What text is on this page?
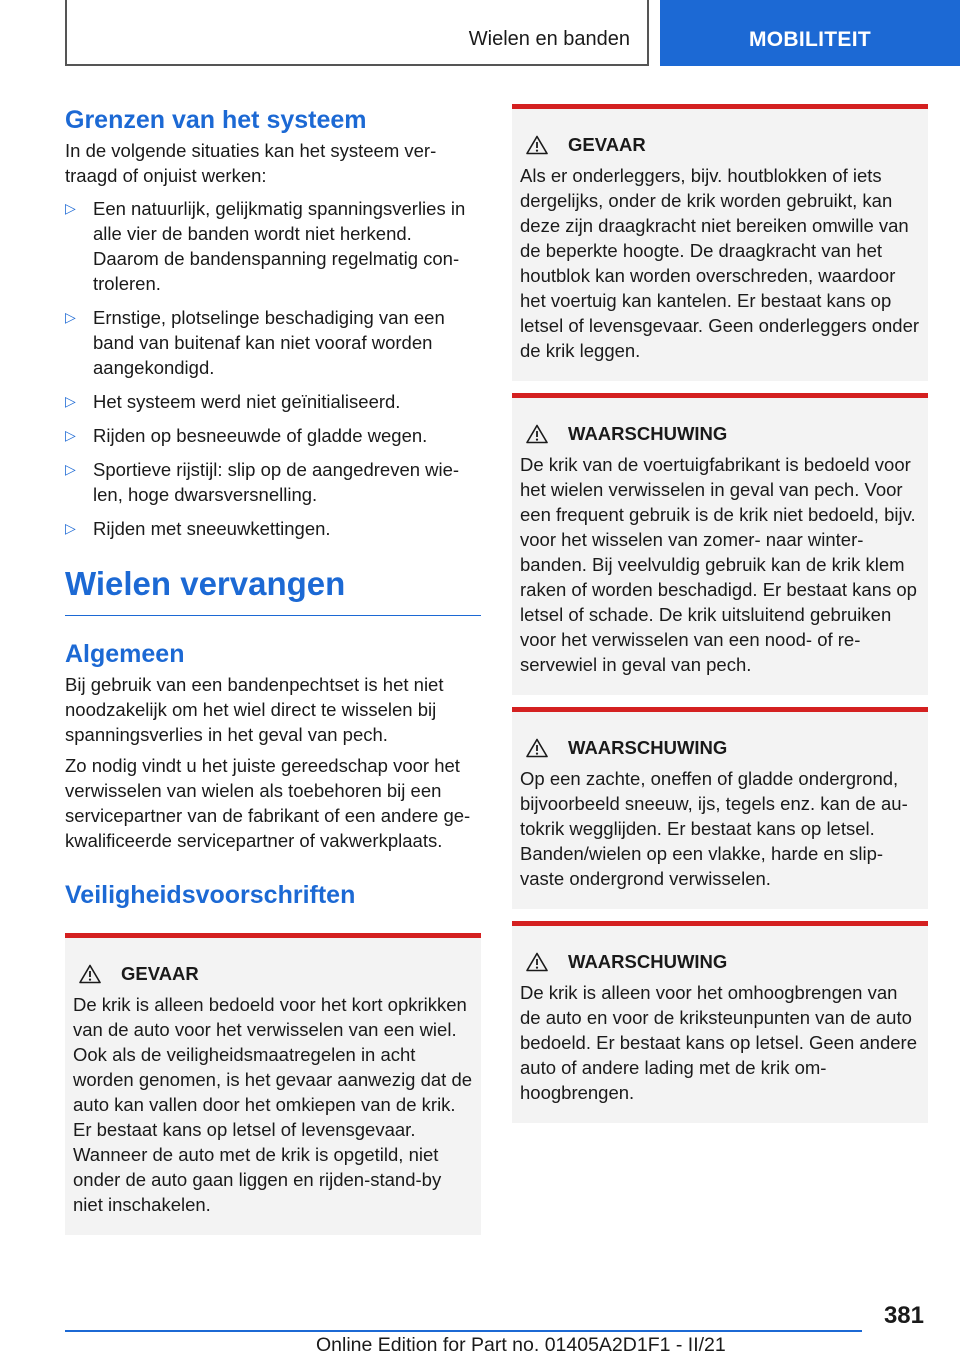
Wielen en banden	MOBILITEIT
Grenzen van het systeem

In de volgende situaties kan het systeem vertraagd of onjuist werken:

▷ Een natuurlijk, gelijkmatig spanningsverlies in alle vier de banden wordt niet herkend. Daarom de bandenspanning regelmatig controleren.
▷ Ernstige, plotselinge beschadiging van een band van buitenaf kan niet vooraf worden aangekondigd.
▷ Het systeem werd niet geïnitialiseerd.
▷ Rijden op besneeuwde of gladde wegen.
▷ Sportieve rijstijl: slip op de aangedreven wielen, hoge dwarsversnelling.
▷ Rijden met sneeuwkettingen.
Wielen vervangen
Algemeen

Bij gebruik van een bandenpechtset is het niet noodzakelijk om het wiel direct te wisselen bij spanningsverlies in het geval van pech.

Zo nodig vindt u het juiste gereedschap voor het verwisselen van wielen als toebehoren bij een servicepartner van de fabrikant of een andere gekwalificeerde servicepartner of vakwerkplaats.

Veiligheidsvoorschriften
GEVAAR

De krik is alleen bedoeld voor het kort opkrikken van de auto voor het verwisselen van een wiel. Ook als de veiligheidsmaatregelen in acht worden genomen, is het gevaar aanwezig dat de auto kan vallen door het omkiepen van de krik. Er bestaat kans op letsel of levensgevaar. Wanneer de auto met de krik is opgetild, niet onder de auto gaan liggen en rijden-stand-by niet inschakelen.

GEVAAR

Als er onderleggers, bijv. houtblokken of iets dergelijks, onder de krik worden gebruikt, kan deze zijn draagkracht niet bereiken omwille van de beperkte hoogte. De draagkracht van het houtblok kan worden overschreden, waardoor het voertuig kan kantelen. Er bestaat kans op letsel of levensgevaar. Geen onderleggers onder de krik leggen.

WAARSCHUWING

De krik van de voertuigfabrikant is bedoeld voor het wielen verwisselen in geval van pech. Voor een frequent gebruik is de krik niet bedoeld, bijv. voor het wisselen van zomer- naar winterbanden. Bij veelvuldig gebruik kan de krik klem raken of worden beschadigd. Er bestaat kans op letsel of schade. De krik uitsluitend gebruiken voor het verwisselen van een nood- of reservewiel in geval van pech.

WAARSCHUWING

Op een zachte, oneffen of gladde ondergrond, bijvoorbeeld sneeuw, ijs, tegels enz. kan de autokrik wegglijden. Er bestaat kans op letsel. Banden/wielen op een vlakke, harde en slipvaste ondergrond verwisselen.

WAARSCHUWING

De krik is alleen voor het omhoogbrengen van de auto en voor de kriksteunpunten van de auto bedoeld. Er bestaat kans op letsel. Geen andere auto of andere lading met de krik omhoogbrengen.

381
Online Edition for Part no. 01405A2D1F1 - II/21
